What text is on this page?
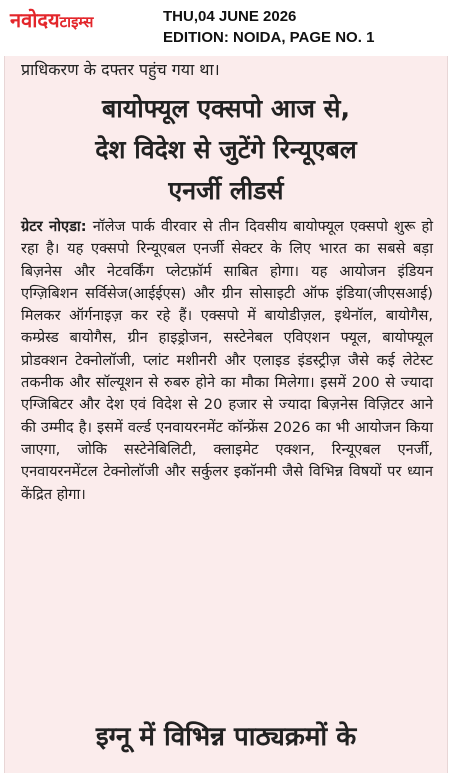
नवोदयटाइम्स	THU,04 JUNE 2026
EDITION: NOIDA, PAGE NO. 1
प्राधिकरण के दफ्तर पहुंच गया था।
बायोफ्यूल एक्सपो आज से,
देश विदेश से जुटेंगे रिन्यूएबल
एनर्जी लीडर्स
ग्रेटर नोएडा: नॉलेज पार्क वीरवार से तीन दिवसीय बायोफ्यूल एक्सपो शुरू हो रहा है। यह एक्सपो रिन्यूएबल एनर्जी सेक्टर के लिए भारत का सबसे बड़ा बिज़नेस और नेटवर्किंग प्लेटफ़ॉर्म साबित होगा। यह आयोजन इंडियन एग्ज़िबिशन सर्विसेज(आईईएस) और ग्रीन सोसाइटी ऑफ इंडिया(जीएसआई) मिलकर ऑर्गनाइज़ कर रहे हैं। एक्सपो में बायोडीज़ल, इथेनॉल, बायोगैस, कम्प्रेस्ड बायोगैस, ग्रीन हाइड्रोजन, सस्टेनेबल एविएशन फ्यूल, बायोफ्यूल प्रोडक्शन टेक्नोलॉजी, प्लांट मशीनरी और एलाइड इंडस्ट्रीज़ जैसे कई लेटेस्ट तकनीक और सॉल्यूशन से रुबरु होने का मौका मिलेगा। इसमें 200 से ज्यादा एग्जिबिटर और देश एवं विदेश से 20 हजार से ज्यादा बिज़नेस विज़िटर आने की उम्मीद है। इसमें वर्ल्ड एनवायरनमेंट कॉन्फ्रेंस 2026 का भी आयोजन किया जाएगा, जोकि सस्टेनेबिलिटी, क्लाइमेट एक्शन, रिन्यूएबल एनर्जी, एनवायरनमेंटल टेक्नोलॉजी और सर्कुलर इकॉनमी जैसे विभिन्न विषयों पर ध्यान केंद्रित होगा।
इग्नू में विभिन्न पाठ्यक्रमों के
